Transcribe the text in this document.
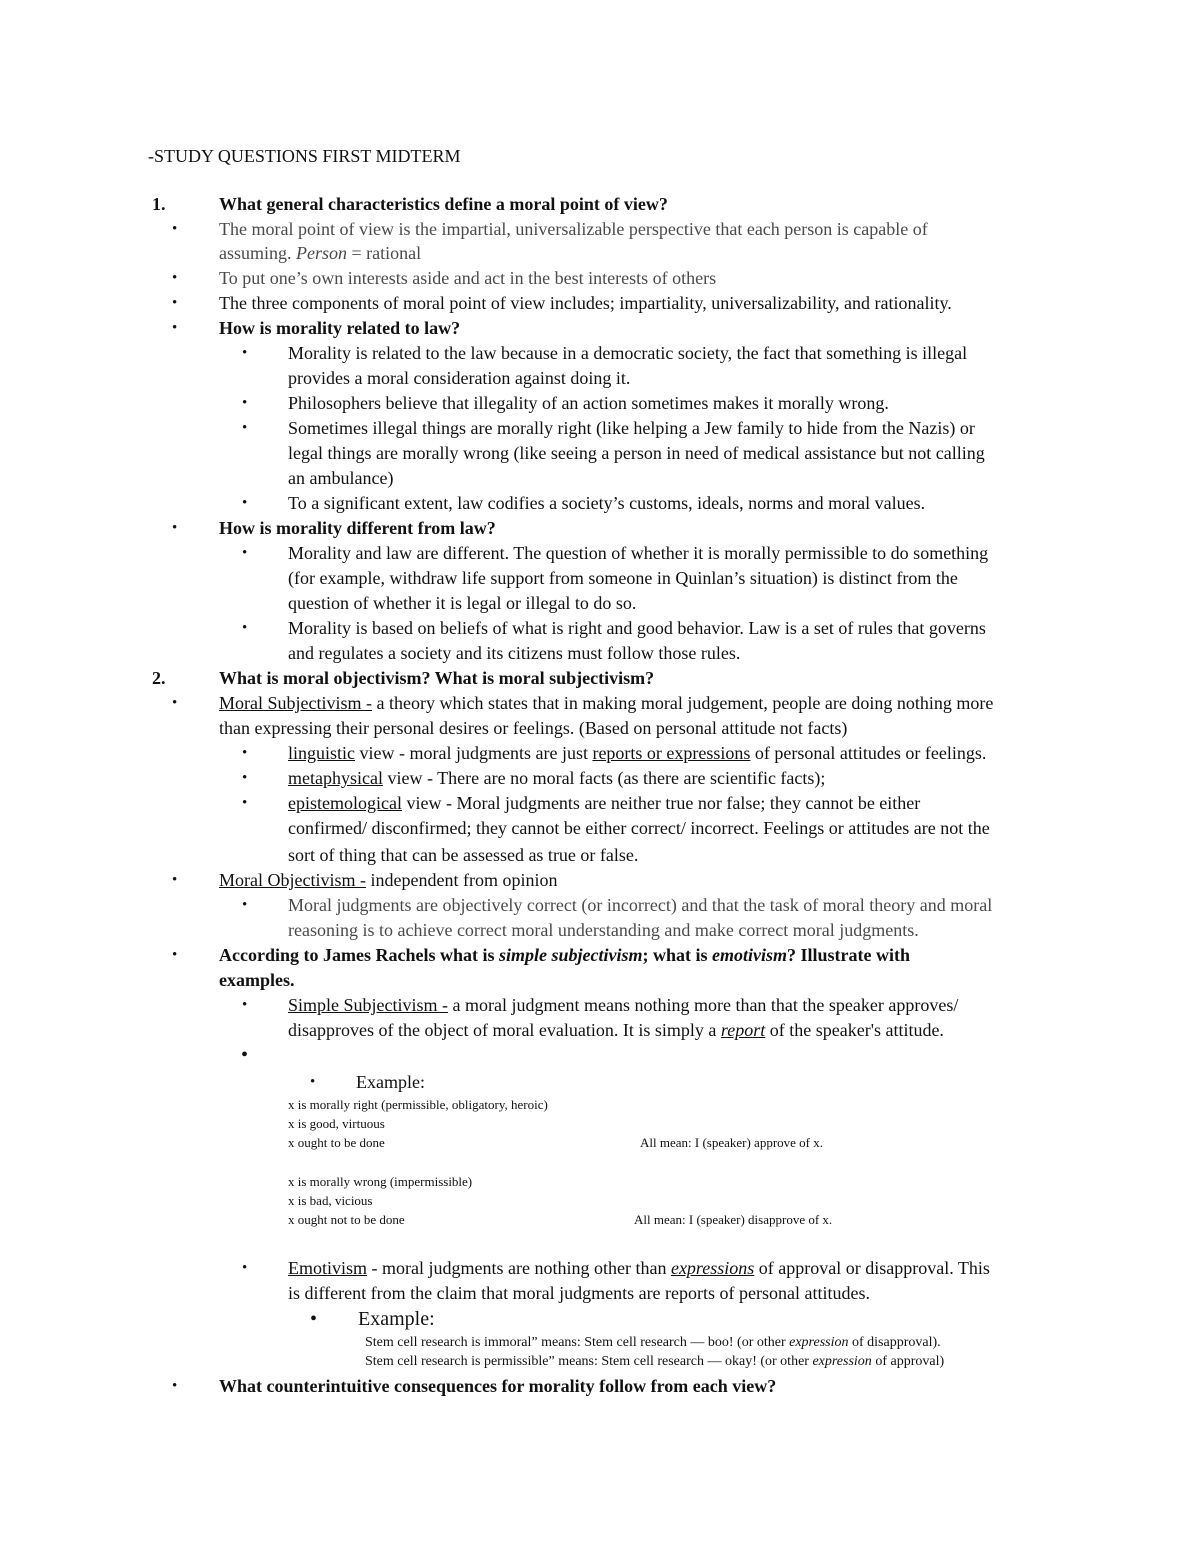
-STUDY QUESTIONS FIRST MIDTERM
1.	What general characteristics define a moral point of view?
• The moral point of view is the impartial, universalizable perspective that each person is capable of
assuming. Person = rational
• To put one’s own interests aside and act in the best interests of others
• The three components of moral point of view includes; impartiality, universalizability, and rationality.
• How is morality related to law?
• Morality is related to the law because in a democratic society, the fact that something is illegal
provides a moral consideration against doing it.
• Philosophers believe that illegality of an action sometimes makes it morally wrong.
• Sometimes illegal things are morally right (like helping a Jew family to hide from the Nazis) or
legal things are morally wrong (like seeing a person in need of medical assistance but not calling
an ambulance)
• To a significant extent, law codifies a society’s customs, ideals, norms and moral values.
• How is morality different from law?
• Morality and law are different. The question of whether it is morally permissible to do something
(for example, withdraw life support from someone in Quinlan’s situation) is distinct from the
question of whether it is legal or illegal to do so.
• Morality is based on beliefs of what is right and good behavior. Law is a set of rules that governs
and regulates a society and its citizens must follow those rules.
2.	What is moral objectivism? What is moral subjectivism?
• Moral Subjectivism - a theory which states that in making moral judgement, people are doing nothing more
than expressing their personal desires or feelings. (Based on personal attitude not facts)
• linguistic view - moral judgments are just reports or expressions of personal attitudes or feelings.
• metaphysical view - There are no moral facts (as there are scientific facts);
• epistemological view - Moral judgments are neither true nor false; they cannot be either
confirmed/ disconfirmed; they cannot be either correct/ incorrect. Feelings or attitudes are not the
sort of thing that can be assessed as true or false.
• Moral Objectivism - independent from opinion
• Moral judgments are objectively correct (or incorrect) and that the task of moral theory and moral
reasoning is to achieve correct moral understanding and make correct moral judgments.
• According to James Rachels what is simple subjectivism; what is emotivism? Illustrate with
examples.
• Simple Subjectivism - a moral judgment means nothing more than that the speaker approves/
disapproves of the object of moral evaluation. It is simply a report of the speaker's attitude.
•
• Example:
x is morally right (permissible, obligatory, heroic)
x is good, virtuous
x ought to be done	All mean: I (speaker) approve of x.
x is morally wrong (impermissible)
x is bad, vicious
x ought not to be done	All mean: I (speaker) disapprove of x.
• Emotivism - moral judgments are nothing other than expressions of approval or disapproval. This
is different from the claim that moral judgments are reports of personal attitudes.
• Example:
Stem cell research is immoral” means: Stem cell research — boo! (or other expression of disapproval).
Stem cell research is permissible” means: Stem cell research — okay! (or other expression of approval)
• What counterintuitive consequences for morality follow from each view?
